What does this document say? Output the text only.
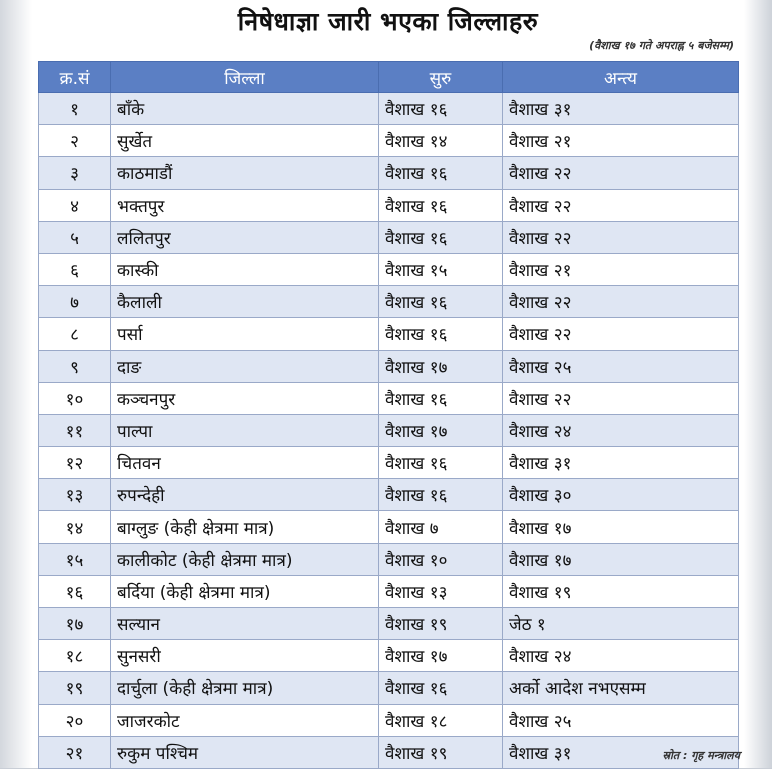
निषेधाज्ञा जारी भएका जिल्लाहरु
(वैशाख १७ गते अपराह्न ५ बजेसम्म)
क्र.सं	जिल्ला	सुरु	अन्त्य
१	बाँके	वैशाख १६	वैशाख ३१
२	सुर्खेत	वैशाख १४	वैशाख २१
३	काठमाडौं	वैशाख १६	वैशाख २२
४	भक्तपुर	वैशाख १६	वैशाख २२
५	ललितपुर	वैशाख १६	वैशाख २२
६	कास्की	वैशाख १५	वैशाख २१
७	कैलाली	वैशाख १६	वैशाख २२
८	पर्सा	वैशाख १६	वैशाख २२
९	दाङ	वैशाख १७	वैशाख २५
१०	कञ्चनपुर	वैशाख १६	वैशाख २२
११	पाल्पा	वैशाख १७	वैशाख २४
१२	चितवन	वैशाख १६	वैशाख ३१
१३	रुपन्देही	वैशाख १६	वैशाख ३०
१४	बाग्लुङ (केही क्षेत्रमा मात्र)	वैशाख ७	वैशाख १७
१५	कालीकोट (केही क्षेत्रमा मात्र)	वैशाख १०	वैशाख १७
१६	बर्दिया (केही क्षेत्रमा मात्र)	वैशाख १३	वैशाख १९
१७	सल्यान	वैशाख १९	जेठ १
१८	सुनसरी	वैशाख १७	वैशाख २४
१९	दार्चुला (केही क्षेत्रमा मात्र)	वैशाख १६	अर्को आदेश नभएसम्म
२०	जाजरकोट	वैशाख १८	वैशाख २५
२१	रुकुम पश्चिम	वैशाख १९	वैशाख ३१	स्रोत : गृह मन्त्रालय
